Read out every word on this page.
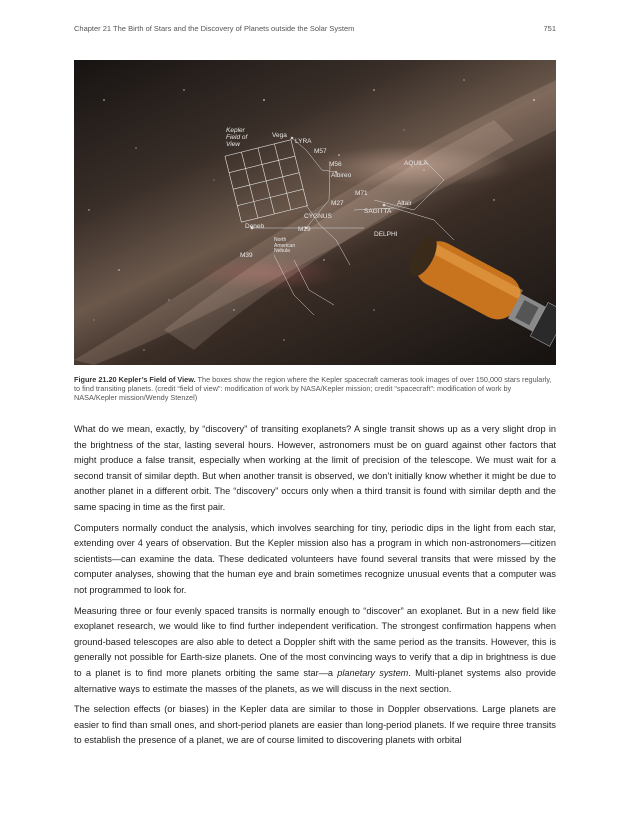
Chapter 21 The Birth of Stars and the Discovery of Planets outside the Solar System	751
Kepler
Field of
View
Vega
LYRA
M57
M56
Albireo
AQUILA
M71
M27
SAGITTA
Altair
CYGNUS
Deneb	M29
DELPHI
North
American
Nebula
M39
Figure 21.20 Kepler’s Field of View. The boxes show the region where the Kepler spacecraft cameras took images of over 150,000 stars regularly, to find transiting planets. (credit “field of view”: modification of work by NASA/Kepler mission; credit “spacecraft”: modification of work by NASA/Kepler mission/Wendy Stenzel)

What do we mean, exactly, by “discovery” of transiting exoplanets? A single transit shows up as a very slight drop in the brightness of the star, lasting several hours. However, astronomers must be on guard against other factors that might produce a false transit, especially when working at the limit of precision of the telescope. We must wait for a second transit of similar depth. But when another transit is observed, we don’t initially know whether it might be due to another planet in a different orbit. The “discovery” occurs only when a third transit is found with similar depth and the same spacing in time as the first pair.

Computers normally conduct the analysis, which involves searching for tiny, periodic dips in the light from each star, extending over 4 years of observation. But the Kepler mission also has a program in which non-astronomers—citizen scientists—can examine the data. These dedicated volunteers have found several transits that were missed by the computer analyses, showing that the human eye and brain sometimes recognize unusual events that a computer was not programmed to look for.

Measuring three or four evenly spaced transits is normally enough to “discover” an exoplanet. But in a new field like exoplanet research, we would like to find further independent verification. The strongest confirmation happens when ground-based telescopes are also able to detect a Doppler shift with the same period as the transits. However, this is generally not possible for Earth-size planets. One of the most convincing ways to verify that a dip in brightness is due to a planet is to find more planets orbiting the same star—a planetary system. Multi-planet systems also provide alternative ways to estimate the masses of the planets, as we will discuss in the next section.

The selection effects (or biases) in the Kepler data are similar to those in Doppler observations. Large planets are easier to find than small ones, and short-period planets are easier than long-period planets. If we require three transits to establish the presence of a planet, we are of course limited to discovering planets with orbital
